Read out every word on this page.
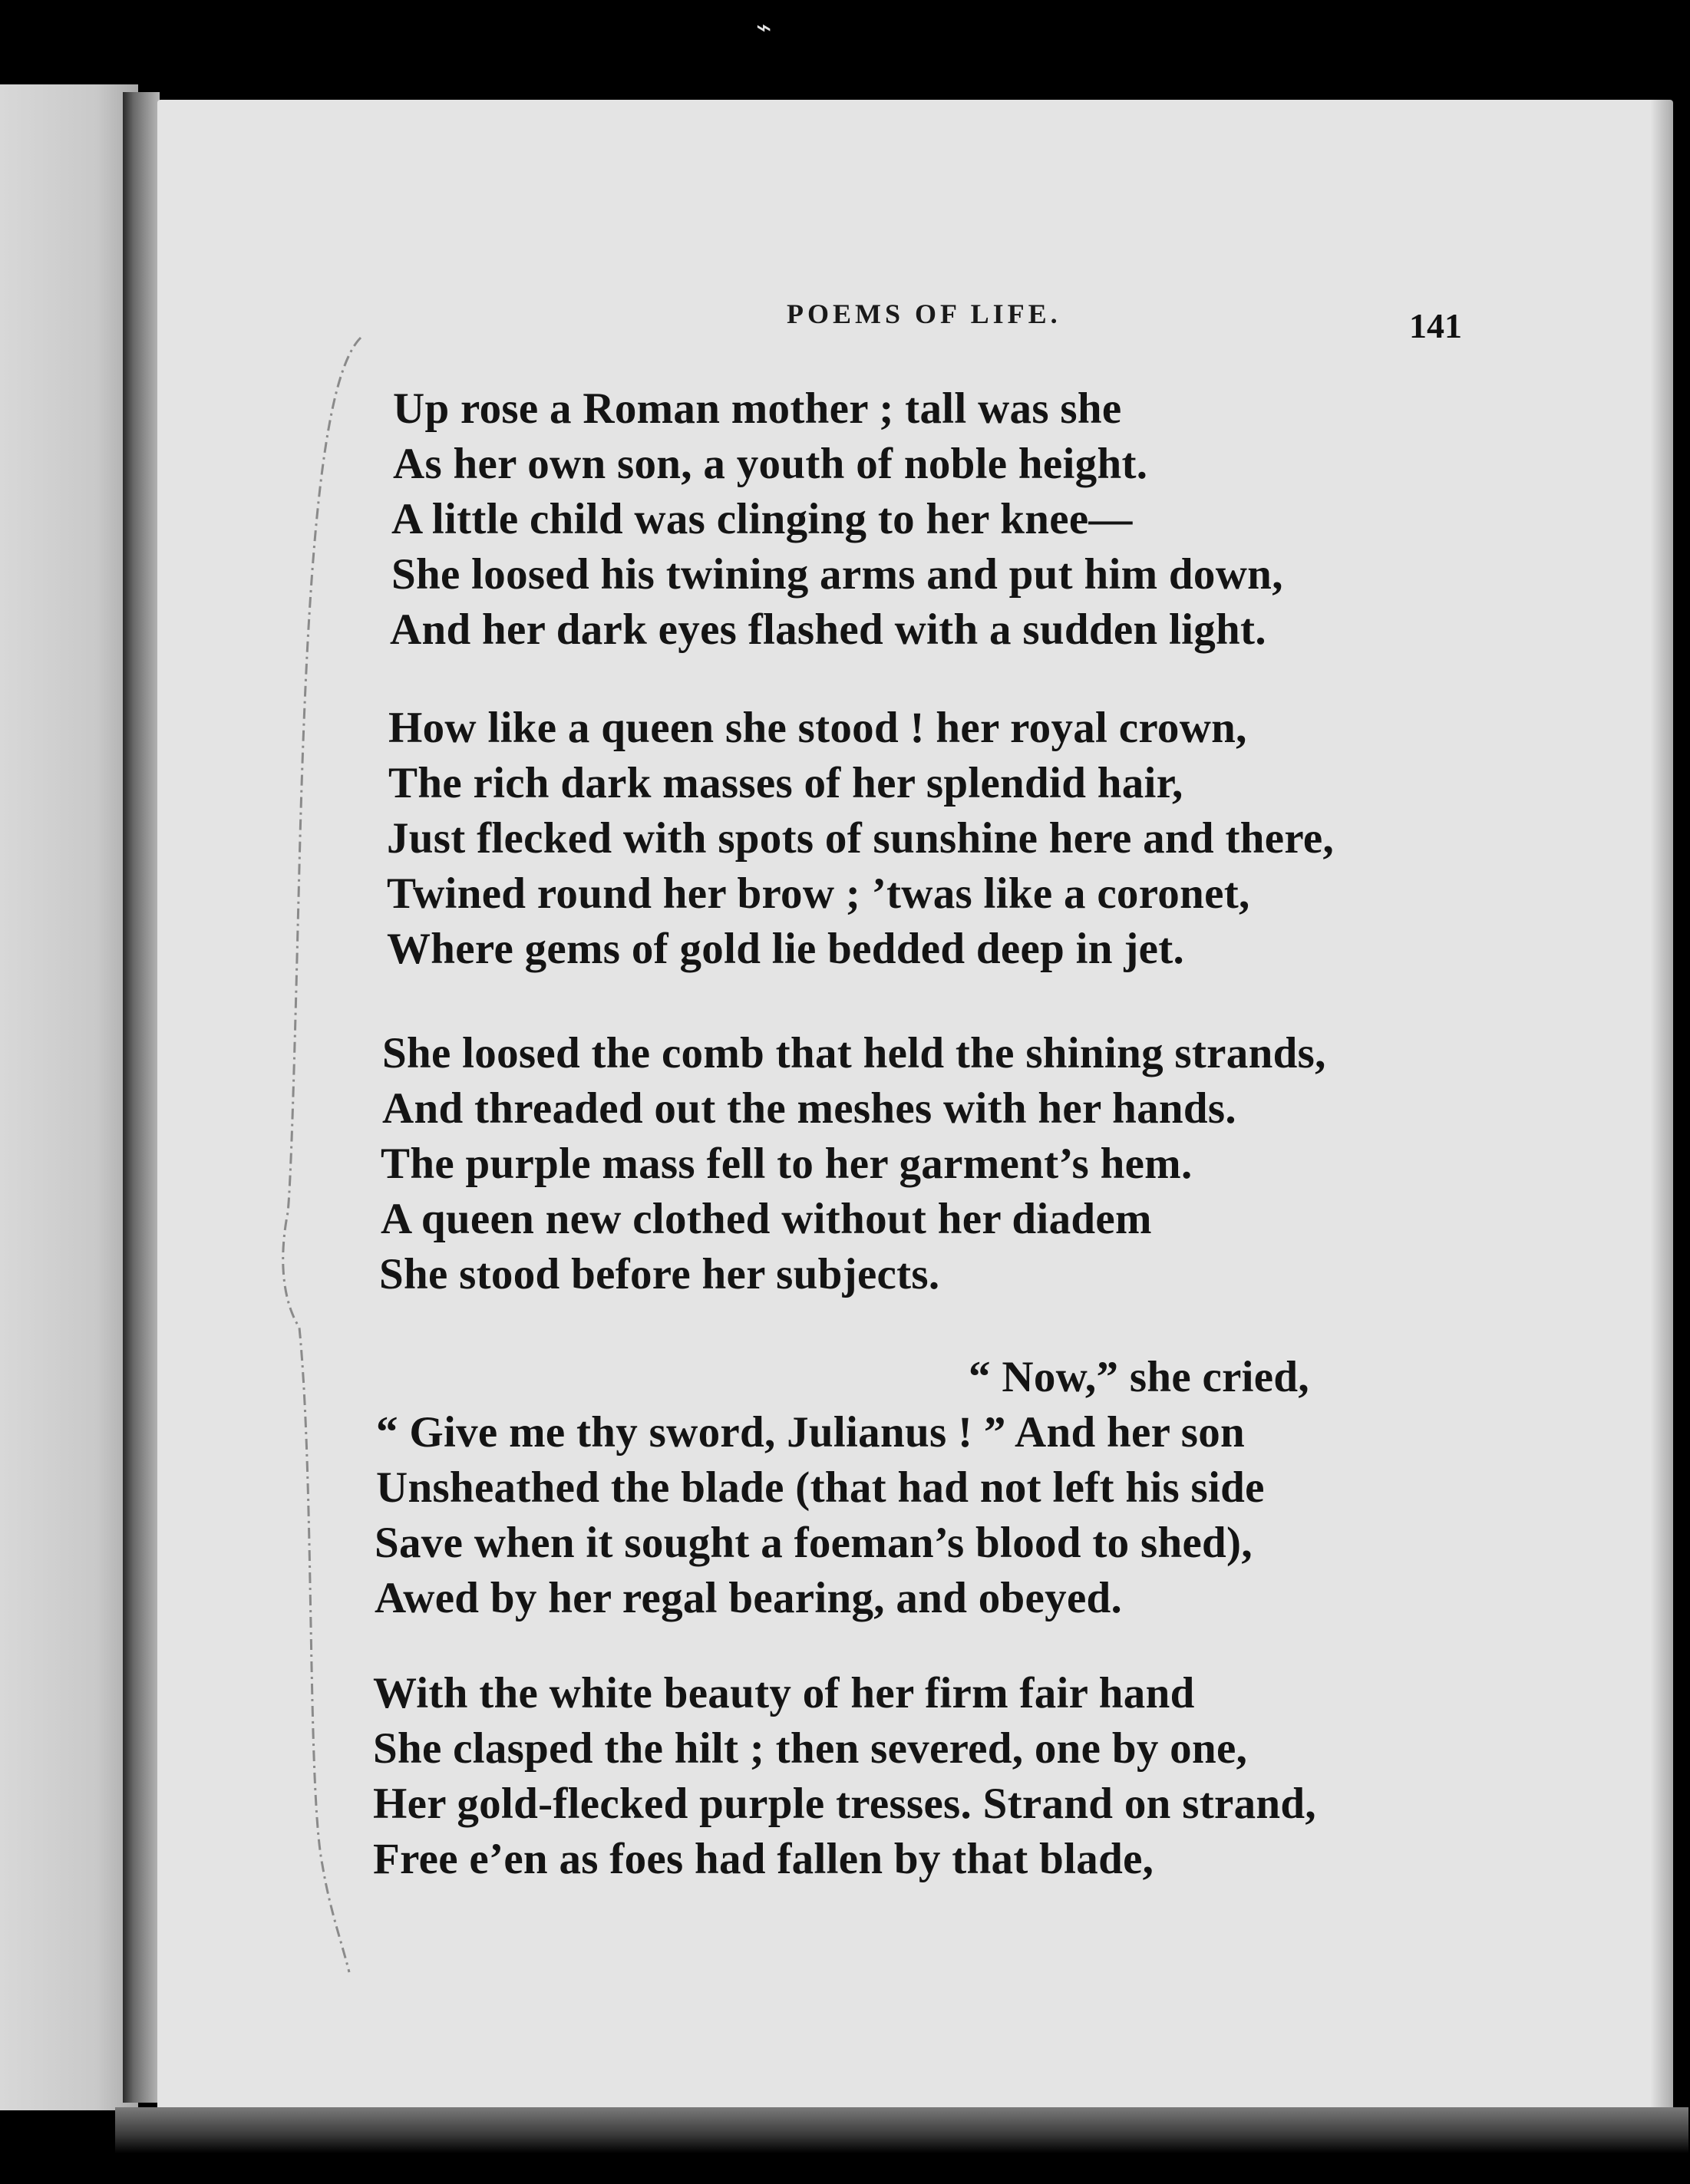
⌁
POEMS OF LIFE.	141
Up rose a Roman mother ; tall was she
As her own son, a youth of noble height.
A little child was clinging to her knee—
She loosed his twining arms and put him down,
And her dark eyes flashed with a sudden light.
How like a queen she stood ! her royal crown,
The rich dark masses of her splendid hair,
Just flecked with spots of sunshine here and there,
Twined round her brow ; ’twas like a coronet,
Where gems of gold lie bedded deep in jet.
She loosed the comb that held the shining strands,
And threaded out the meshes with her hands.
The purple mass fell to her garment’s hem.
A queen new clothed without her diadem
She stood before her subjects.
“ Now,” she cried,
“ Give me thy sword, Julianus ! ” And her son
Unsheathed the blade (that had not left his side
Save when it sought a foeman’s blood to shed),
Awed by her regal bearing, and obeyed.
With the white beauty of her firm fair hand
She clasped the hilt ; then severed, one by one,
Her gold-flecked purple tresses. Strand on strand,
Free e’en as foes had fallen by that blade,
